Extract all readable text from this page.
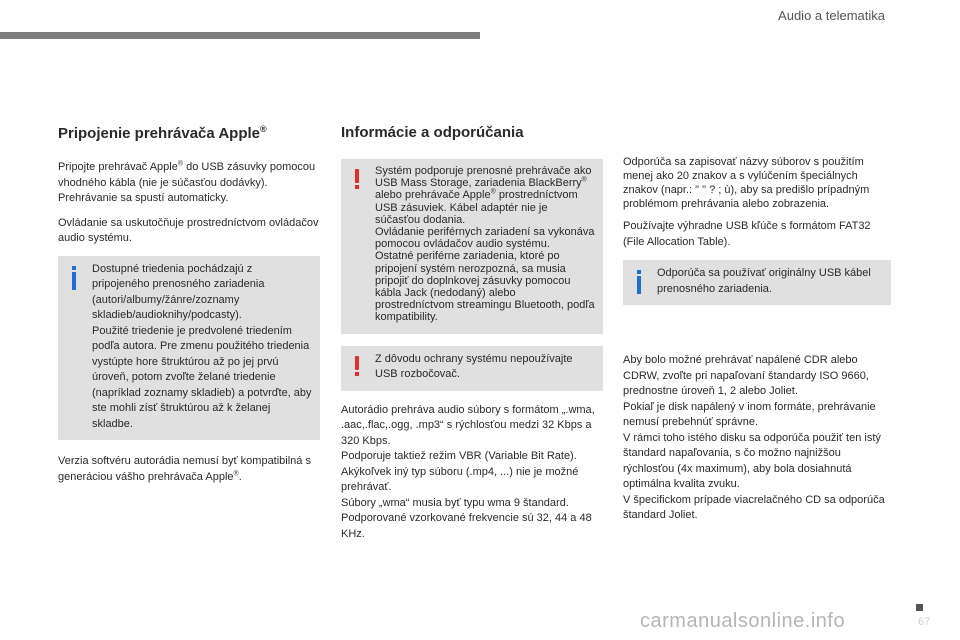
Audio a telematika
Pripojenie prehrávača Apple®

Pripojte prehrávač Apple® do USB zásuvky pomocou vhodného kábla (nie je súčasťou dodávky).
Prehrávanie sa spustí automaticky.

Ovládanie sa uskutočňuje prostredníctvom ovládačov audio systému.

Dostupné triedenia pochádzajú z pripojeného prenosného zariadenia (autori/albumy/žánre/zoznamy skladieb/audioknihy/podcasty).

Použité triedenie je predvolené triedením podľa autora. Pre zmenu použitého triedenia vystúpte hore štruktúrou až po jej prvú úroveň, potom zvoľte želané triedenie (napríklad zoznamy skladieb) a potvrďte, aby ste mohli zísť štruktúrou až k želanej skladbe.

Verzia softvéru autorádia nemusí byť kompatibilná s generáciou vášho prehrávača Apple®.

Informácie a odporúčania

Systém podporuje prenosné prehrávače ako USB Mass Storage, zariadenia BlackBerry® alebo prehrávače Apple® prostredníctvom USB zásuviek. Kábel adaptér nie je súčasťou dodania.

Ovládanie periférnych zariadení sa vykonáva pomocou ovládačov audio systému.

Ostatné periférne zariadenia, ktoré po pripojení systém nerozpozná, sa musia pripojiť do doplnkovej zásuvky pomocou kábla Jack (nedodaný) alebo prostredníctvom streamingu Bluetooth, podľa kompatibility.

Z dôvodu ochrany systému nepoužívajte USB rozbočovač.

Autorádio prehráva audio súbory s formátom „.wma, .aac,.flac,.ogg, .mp3“ s rýchlosťou medzi 32 Kbps a 320 Kbps.
Podporuje taktiež režim VBR (Variable Bit Rate).
Akýkoľvek iný typ súboru (.mp4, ...) nie je možné prehrávať.
Súbory „wma“ musia byť typu wma 9 štandard.
Podporované vzorkované frekvencie sú 32, 44 a 48 KHz.

Odporúča sa zapisovať názvy súborov s použitím menej ako 20 znakov a s vylúčením špeciálnych znakov (napr.: " " ? ; ù), aby sa predišlo prípadným problémom prehrávania alebo zobrazenia.

Používajte výhradne USB kľúče s formátom FAT32 (File Allocation Table).

Odporúča sa používať originálny USB kábel prenosného zariadenia.

Aby bolo možné prehrávať napálené CDR alebo CDRW, zvoľte pri napaľovaní štandardy ISO 9660, prednostne úroveň 1, 2 alebo Joliet.
Pokiaľ je disk napálený v inom formáte, prehrávanie nemusí prebehnúť správne.
V rámci toho istého disku sa odporúča použiť ten istý štandard napaľovania, s čo možno najnižšou rýchlosťou (4x maximum), aby bola dosiahnutá optimálna kvalita zvuku.
V špecifickom prípade viacrelačného CD sa odporúča štandard Joliet.

67
carmanualsonline.info
